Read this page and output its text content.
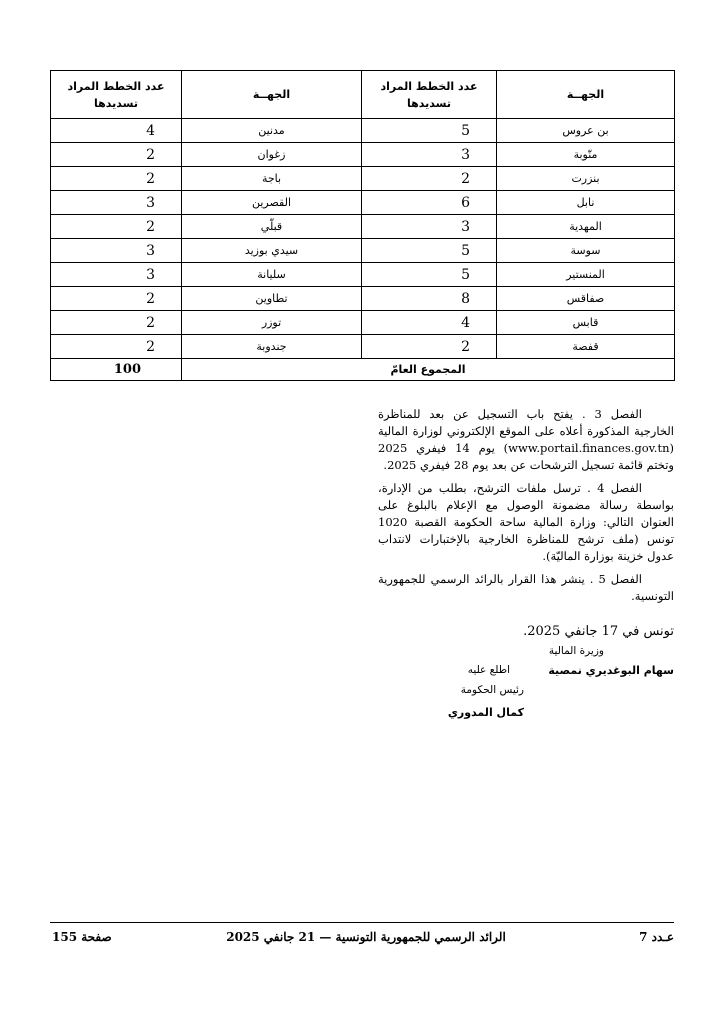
الجهــة	عدد الخطط المراد تسديدها	الجهــة	عدد الخطط المراد تسديدها

بن عروس	5	مدنين	4
منّوبة	3	زغوان	2
بنزرت	2	باجة	2
نابل	6	القصرين	3
المهدية	3	قبلّي	2
سوسة	5	سيدي بوزيد	3
المنستير	5	سليانة	3
صفاقس	8	تطاوين	2
قابس	4	توزر	2
قفصة	2	جندوبة	2
المجموع العامّ			100

الفصل 3 . يفتح باب التسجيل عن بعد للمناظرة الخارجية المذكورة أعلاه على الموقع الإلكتروني لوزارة المالية (www.portail.finances.gov.tn) يوم 14 فيفري 2025 وتختم قائمة تسجيل الترشحات عن بعد يوم 28 فيفري 2025.

الفصل 4 . ترسل ملفات الترشح، بطلب من الإدارة، بواسطة رسالة مضمونة الوصول مع الإعلام بالبلوغ على العنوان التالي: وزارة المالية ساحة الحكومة القصبة 1020 تونس (ملف ترشح للمناظرة الخارجية بالإختبارات لانتداب عدول خزينة بوزارة الماليّة).

الفصل 5 . ينشر هذا القرار بالرائد الرسمي للجمهورية التونسية.

تونس في 17 جانفي 2025.
وزيرة المالية
سهام البوغديري نمصية
اطلع عليه
رئيس الحكومة
كمال المدوري
عـدد 7
الرائد الرسمي للجمهورية التونسية — 21 جانفي 2025
صفحة 155
